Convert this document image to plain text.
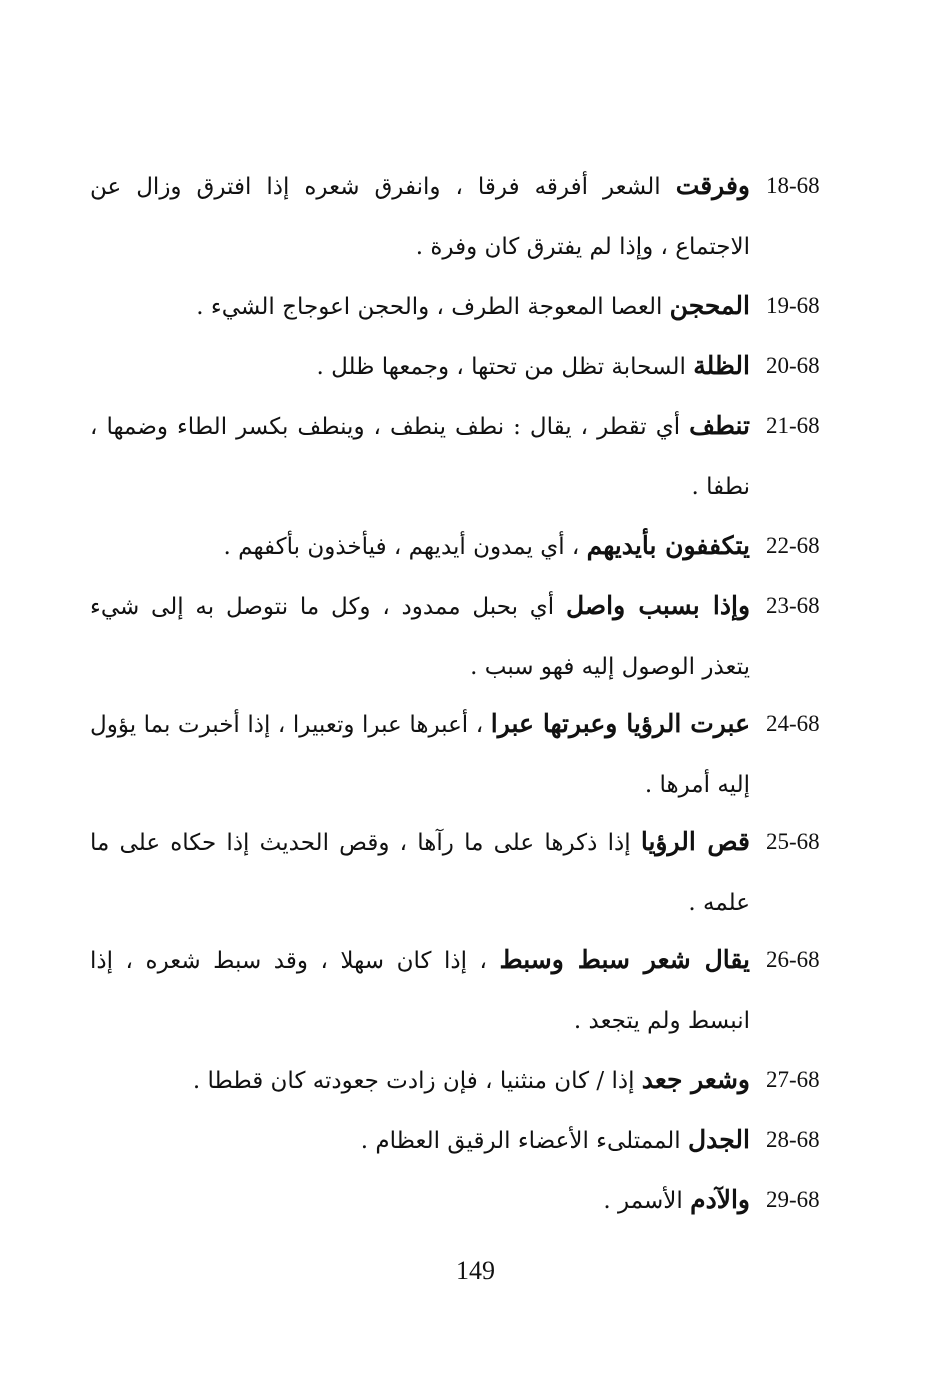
18-68
وفرقت الشعر أفرقه فرقا ، وانفرق شعره إذا افترق وزال عن الاجتماع ، وإذا لم يفترق كان وفرة .
19-68
المحجن العصا المعوجة الطرف ، والحجن اعوجاج الشيء .
20-68
الظلة السحابة تظل من تحتها ، وجمعها ظلل .
21-68
تنطف أي تقطر ، يقال : نطف ينطف ، وينطف بكسر الطاء وضمها ، نطفا .
22-68
يتكففون بأيديهم ، أي يمدون أيديهم ، فيأخذون بأكفهم .
23-68
وإذا بسبب واصل أي بحبل ممدود ، وكل ما نتوصل به إلى شيء يتعذر الوصول إليه فهو سبب .
24-68
عبرت الرؤيا وعبرتها عبرا ، أعبرها عبرا وتعبيرا ، إذا أخبرت بما يؤول إليه أمرها .
25-68
قص الرؤيا إذا ذكرها على ما رآها ، وقص الحديث إذا حكاه على ما علمه .
26-68
يقال شعر سبط وسبط ، إذا كان سهلا ، وقد سبط شعره ، إذا انبسط ولم يتجعد .
27-68
وشعر جعد إذا / كان منثنيا ، فإن زادت جعودته كان قططا .
28-68
الجدل الممتلىء الأعضاء الرقيق العظام .
29-68
والآدم الأسمر .
149
